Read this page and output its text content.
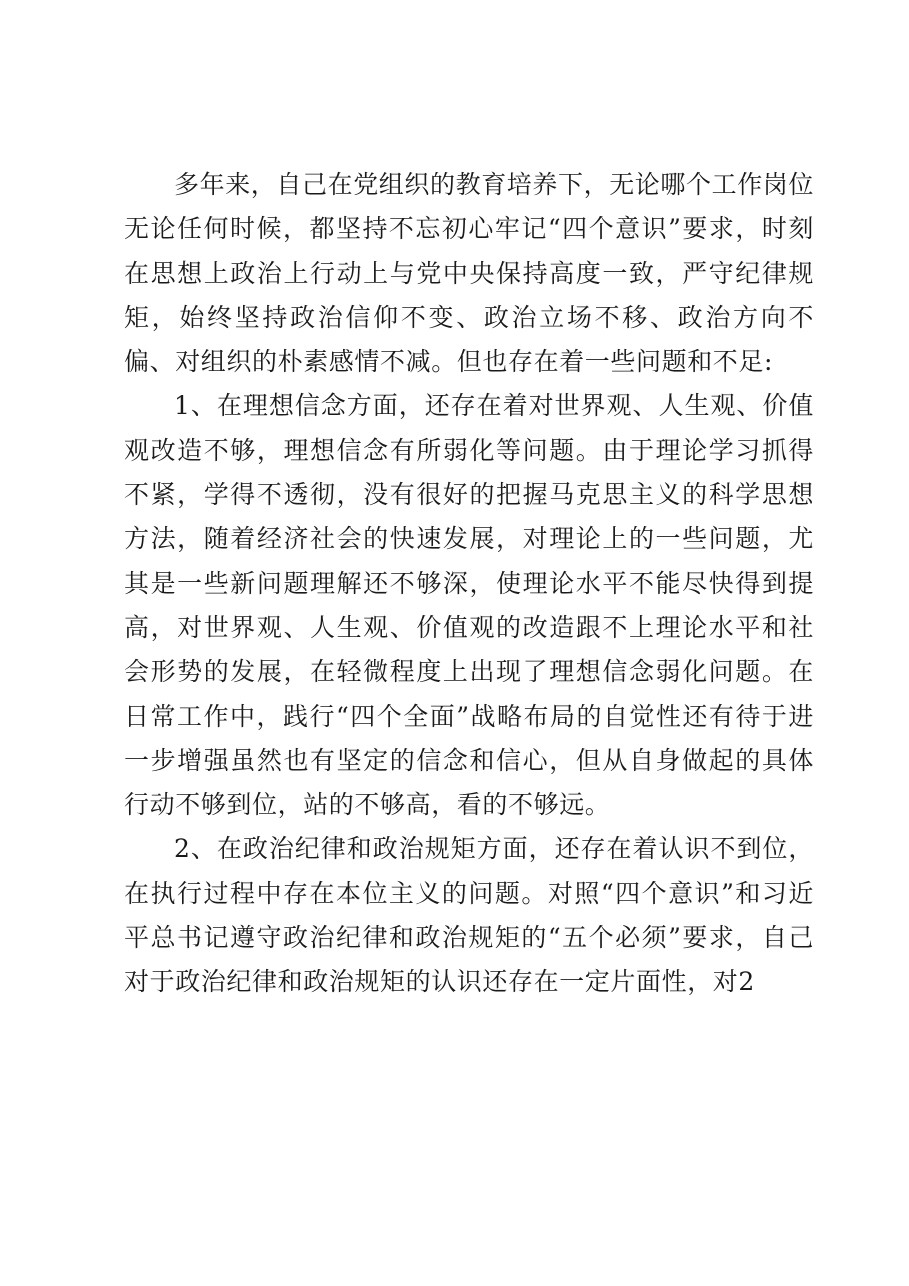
多年来，自己在党组织的教育培养下，无论哪个工作岗位无论任何时候，都坚持不忘初心牢记“四个意识”要求，时刻在思想上政治上行动上与党中央保持高度一致，严守纪律规矩，始终坚持政治信仰不变、政治立场不移、政治方向不偏、对组织的朴素感情不减。但也存在着一些问题和不足:

1、在理想信念方面，还存在着对世界观、人生观、价值观改造不够，理想信念有所弱化等问题。由于理论学习抓得不紧，学得不透彻，没有很好的把握马克思主义的科学思想方法，随着经济社会的快速发展，对理论上的一些问题，尤其是一些新问题理解还不够深，使理论水平不能尽快得到提高，对世界观、人生观、价值观的改造跟不上理论水平和社会形势的发展，在轻微程度上出现了理想信念弱化问题。在日常工作中，践行“四个全面”战略布局的自觉性还有待于进一步增强虽然也有坚定的信念和信心，但从自身做起的具体行动不够到位，站的不够高，看的不够远。

2、在政治纪律和政治规矩方面，还存在着认识不到位，在执行过程中存在本位主义的问题。对照“四个意识”和习近平总书记遵守政治纪律和政治规矩的“五个必须”要求，自己对于政治纪律和政治规矩的认识还存在一定片面性，对2
